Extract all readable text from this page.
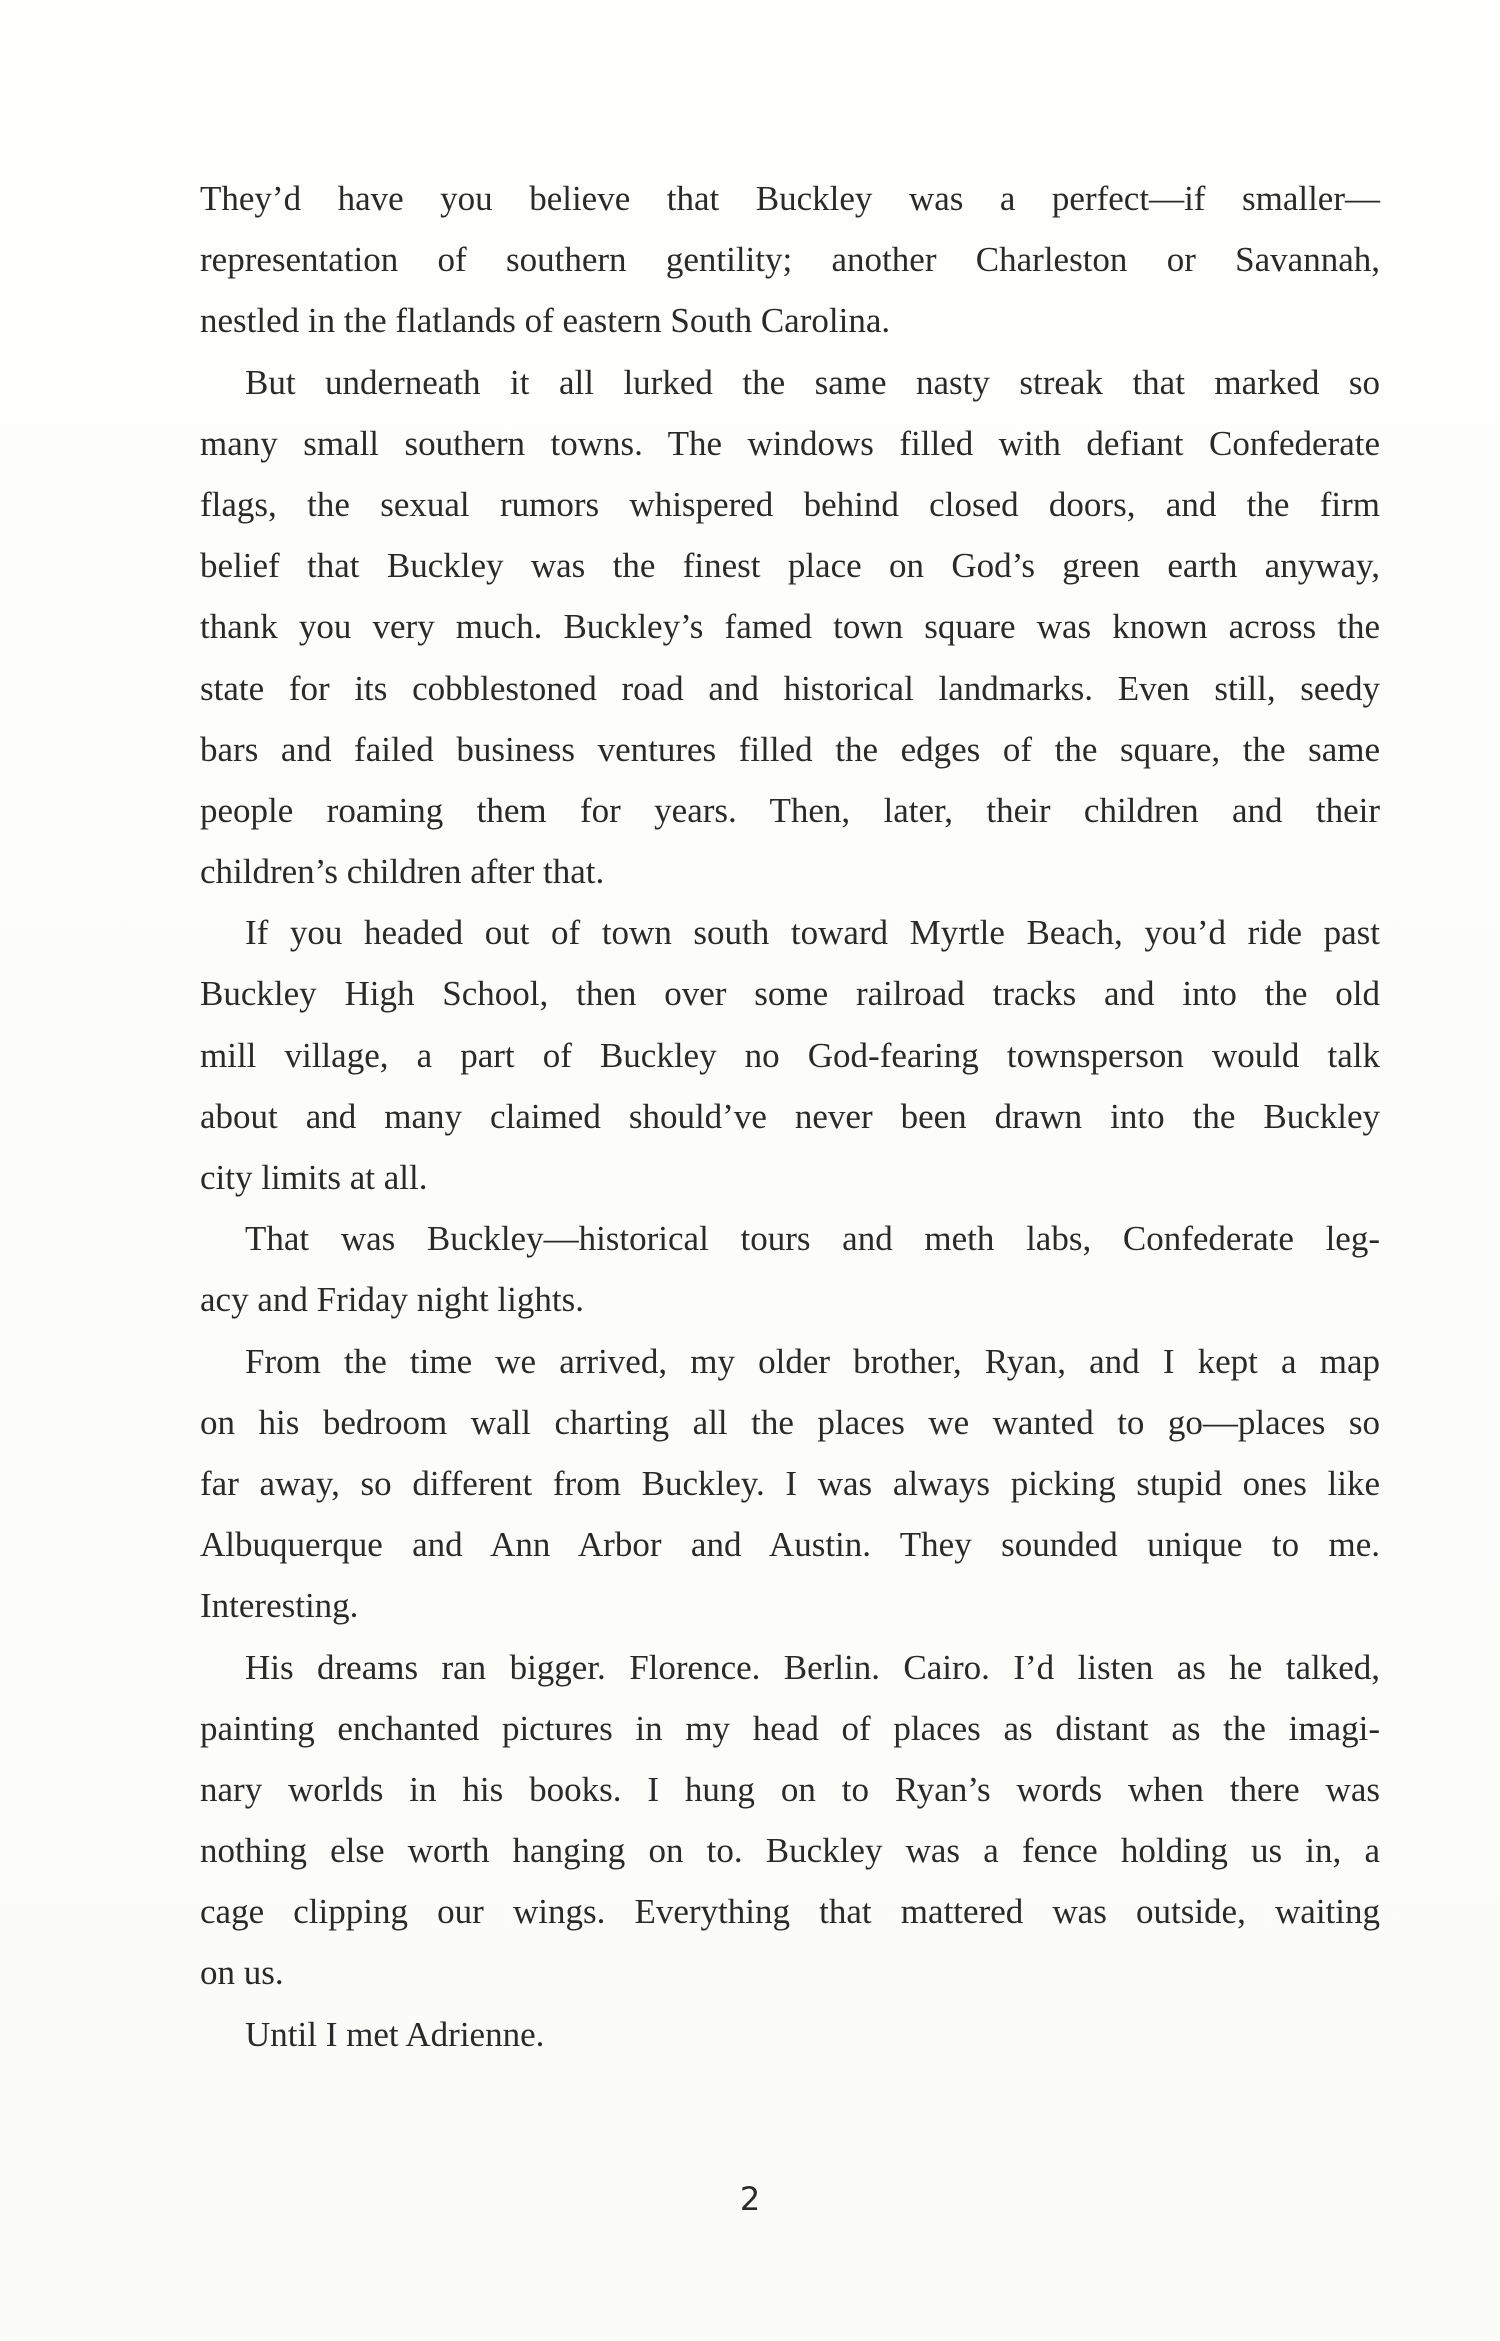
They’d have you believe that Buckley was a perfect—if smaller—
representation of southern gentility; another Charleston or Savannah,
nestled in the flatlands of eastern South Carolina.
But underneath it all lurked the same nasty streak that marked so
many small southern towns. The windows filled with defiant Confederate
flags, the sexual rumors whispered behind closed doors, and the firm
belief that Buckley was the finest place on God’s green earth anyway,
thank you very much. Buckley’s famed town square was known across the
state for its cobblestoned road and historical landmarks. Even still, seedy
bars and failed business ventures filled the edges of the square, the same
people roaming them for years. Then, later, their children and their
children’s children after that.
If you headed out of town south toward Myrtle Beach, you’d ride past
Buckley High School, then over some railroad tracks and into the old
mill village, a part of Buckley no God-fearing townsperson would talk
about and many claimed should’ve never been drawn into the Buckley
city limits at all.
That was Buckley—historical tours and meth labs, Confederate leg-
acy and Friday night lights.
From the time we arrived, my older brother, Ryan, and I kept a map
on his bedroom wall charting all the places we wanted to go—places so
far away, so different from Buckley. I was always picking stupid ones like
Albuquerque and Ann Arbor and Austin. They sounded unique to me.
Interesting.
His dreams ran bigger. Florence. Berlin. Cairo. I’d listen as he talked,
painting enchanted pictures in my head of places as distant as the imagi-
nary worlds in his books. I hung on to Ryan’s words when there was
nothing else worth hanging on to. Buckley was a fence holding us in, a
cage clipping our wings. Everything that mattered was outside, waiting
on us.
Until I met Adrienne.
2
